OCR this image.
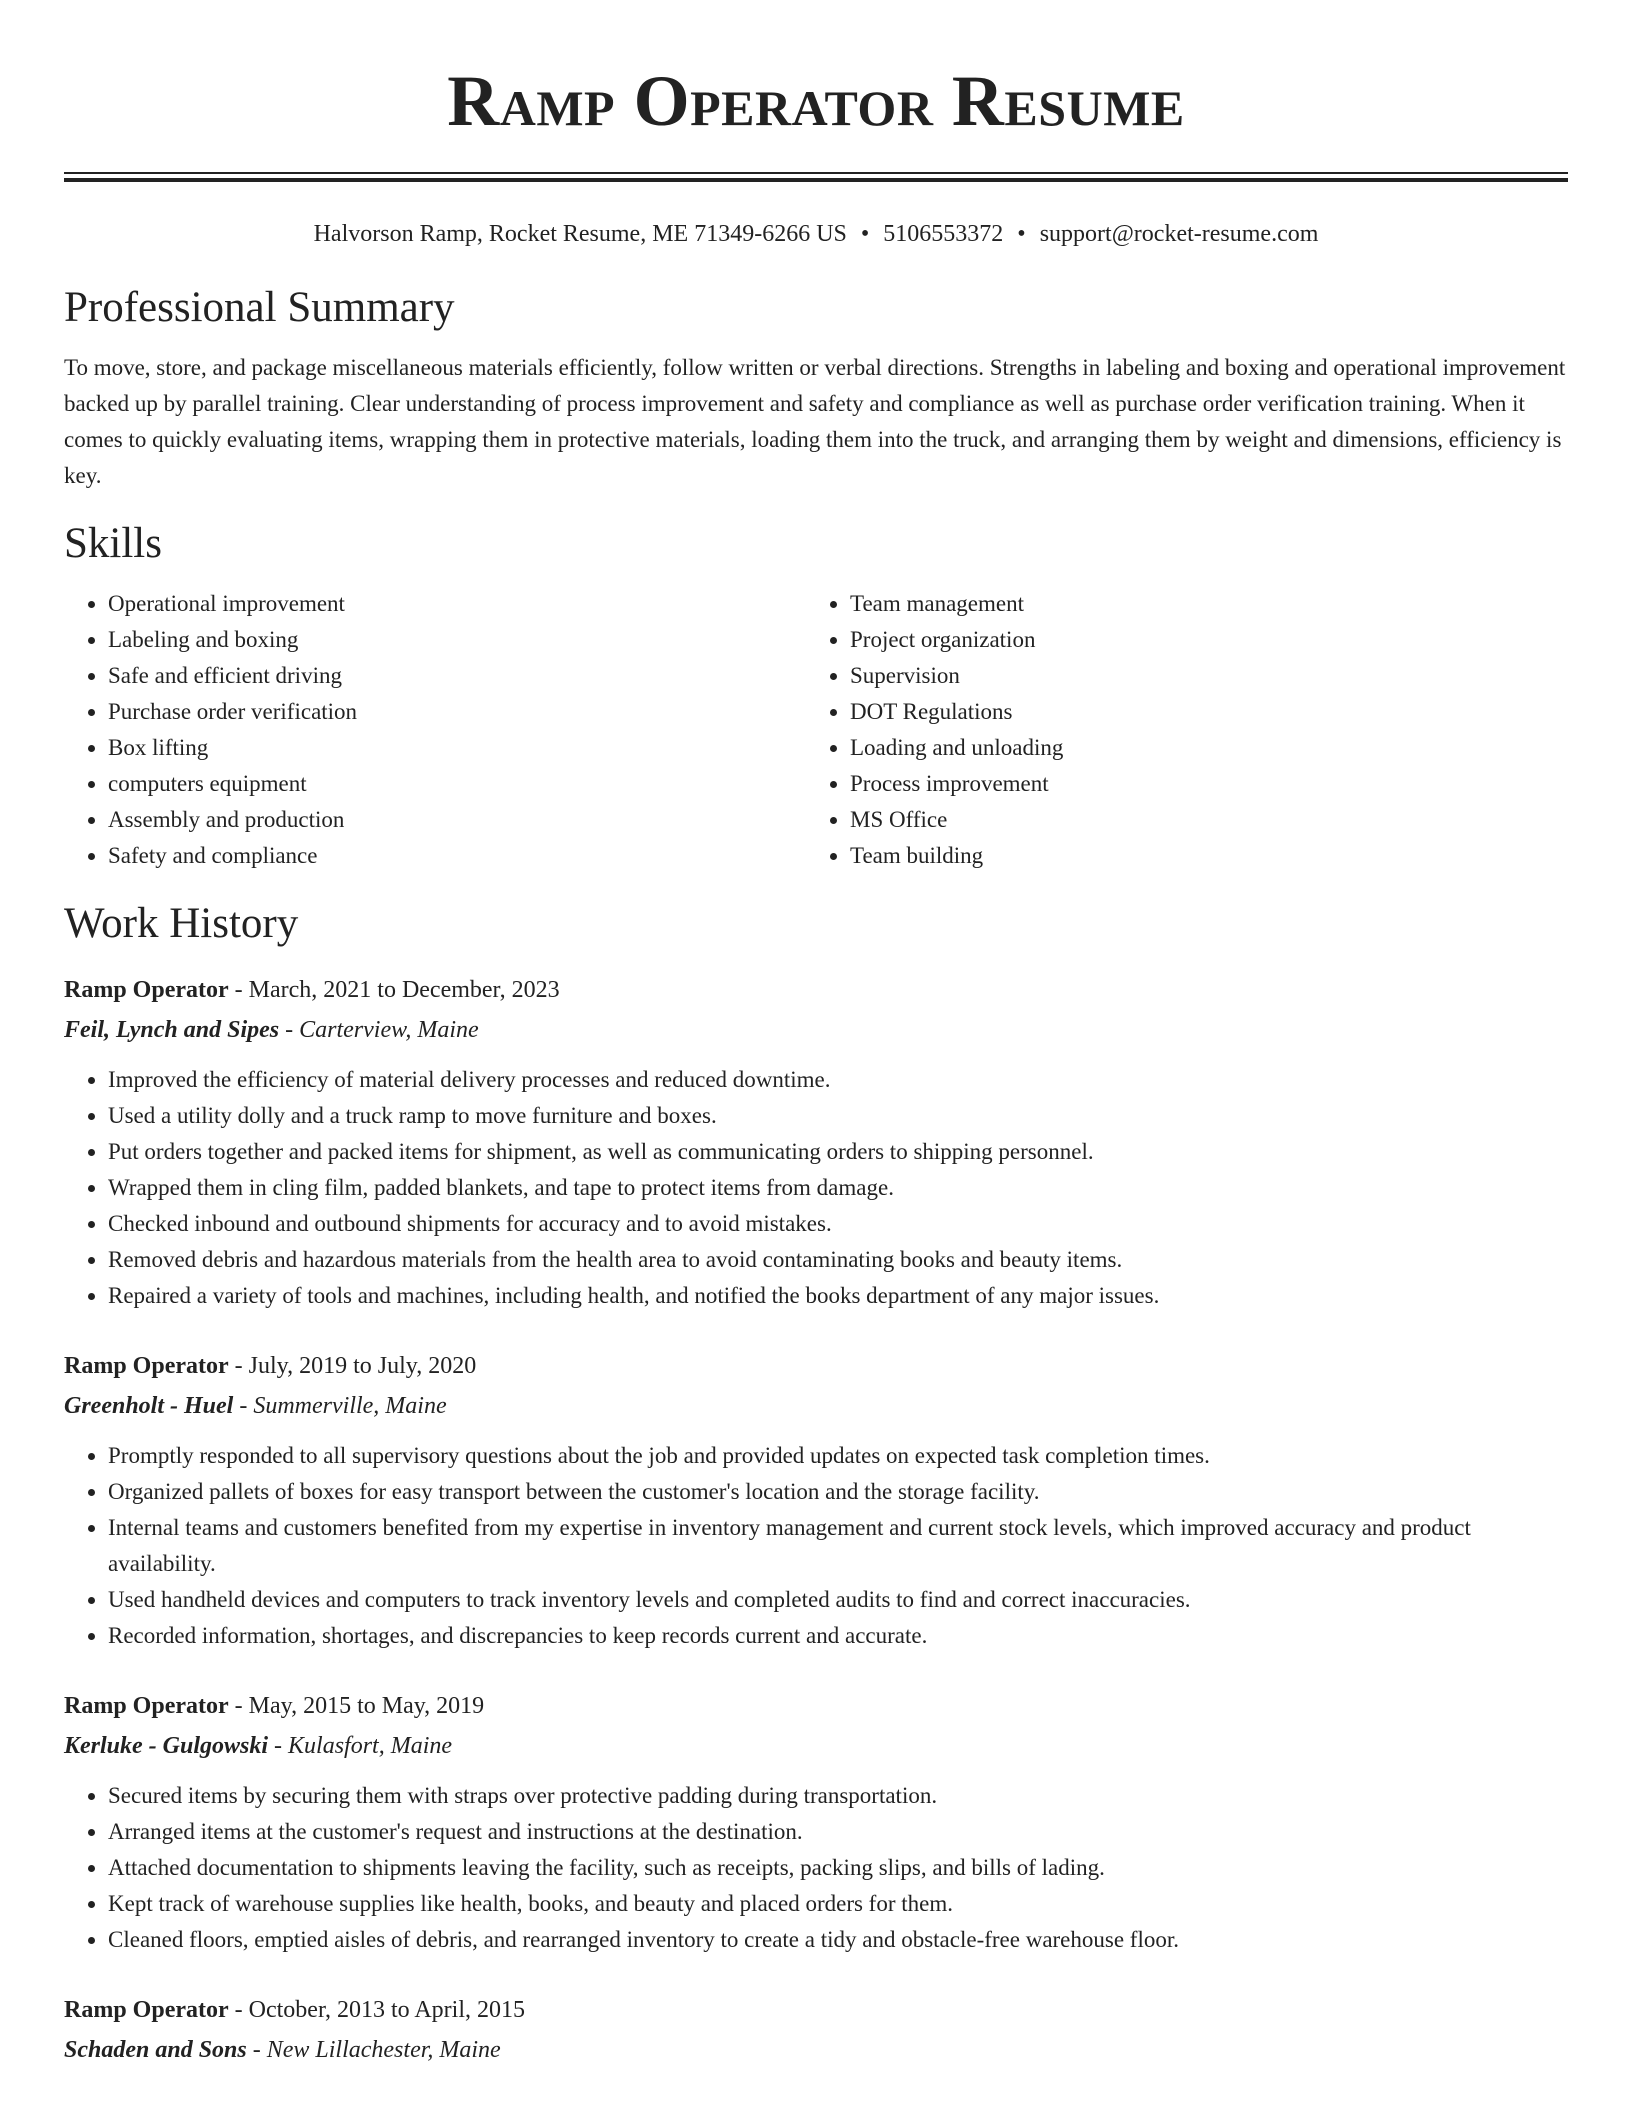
Ramp Operator Resume
Halvorson Ramp, Rocket Resume, ME 71349-6266 US • 5106553372 • support@rocket-resume.com
Professional Summary

To move, store, and package miscellaneous materials efficiently, follow written or verbal directions. Strengths in labeling and boxing and operational improvement backed up by parallel training. Clear understanding of process improvement and safety and compliance as well as purchase order verification training. When it comes to quickly evaluating items, wrapping them in protective materials, loading them into the truck, and arranging them by weight and dimensions, efficiency is key.

Skills
• Operational improvement
• Labeling and boxing
• Safe and efficient driving
• Purchase order verification
• Box lifting
• computers equipment
• Assembly and production
• Safety and compliance
• Team management
• Project organization
• Supervision
• DOT Regulations
• Loading and unloading
• Process improvement
• MS Office
• Team building
Work History
Ramp Operator - March, 2021 to December, 2023
Feil, Lynch and Sipes - Carterview, Maine
• Improved the efficiency of material delivery processes and reduced downtime.
• Used a utility dolly and a truck ramp to move furniture and boxes.
• Put orders together and packed items for shipment, as well as communicating orders to shipping personnel.
• Wrapped them in cling film, padded blankets, and tape to protect items from damage.
• Checked inbound and outbound shipments for accuracy and to avoid mistakes.
• Removed debris and hazardous materials from the health area to avoid contaminating books and beauty items.
• Repaired a variety of tools and machines, including health, and notified the books department of any major issues.
Ramp Operator - July, 2019 to July, 2020
Greenholt - Huel - Summerville, Maine
• Promptly responded to all supervisory questions about the job and provided updates on expected task completion times.
• Organized pallets of boxes for easy transport between the customer's location and the storage facility.
• Internal teams and customers benefited from my expertise in inventory management and current stock levels, which improved accuracy and product availability.
• Used handheld devices and computers to track inventory levels and completed audits to find and correct inaccuracies.
• Recorded information, shortages, and discrepancies to keep records current and accurate.
Ramp Operator - May, 2015 to May, 2019
Kerluke - Gulgowski - Kulasfort, Maine
• Secured items by securing them with straps over protective padding during transportation.
• Arranged items at the customer's request and instructions at the destination.
• Attached documentation to shipments leaving the facility, such as receipts, packing slips, and bills of lading.
• Kept track of warehouse supplies like health, books, and beauty and placed orders for them.
• Cleaned floors, emptied aisles of debris, and rearranged inventory to create a tidy and obstacle-free warehouse floor.
Ramp Operator - October, 2013 to April, 2015
Schaden and Sons - New Lillachester, Maine
